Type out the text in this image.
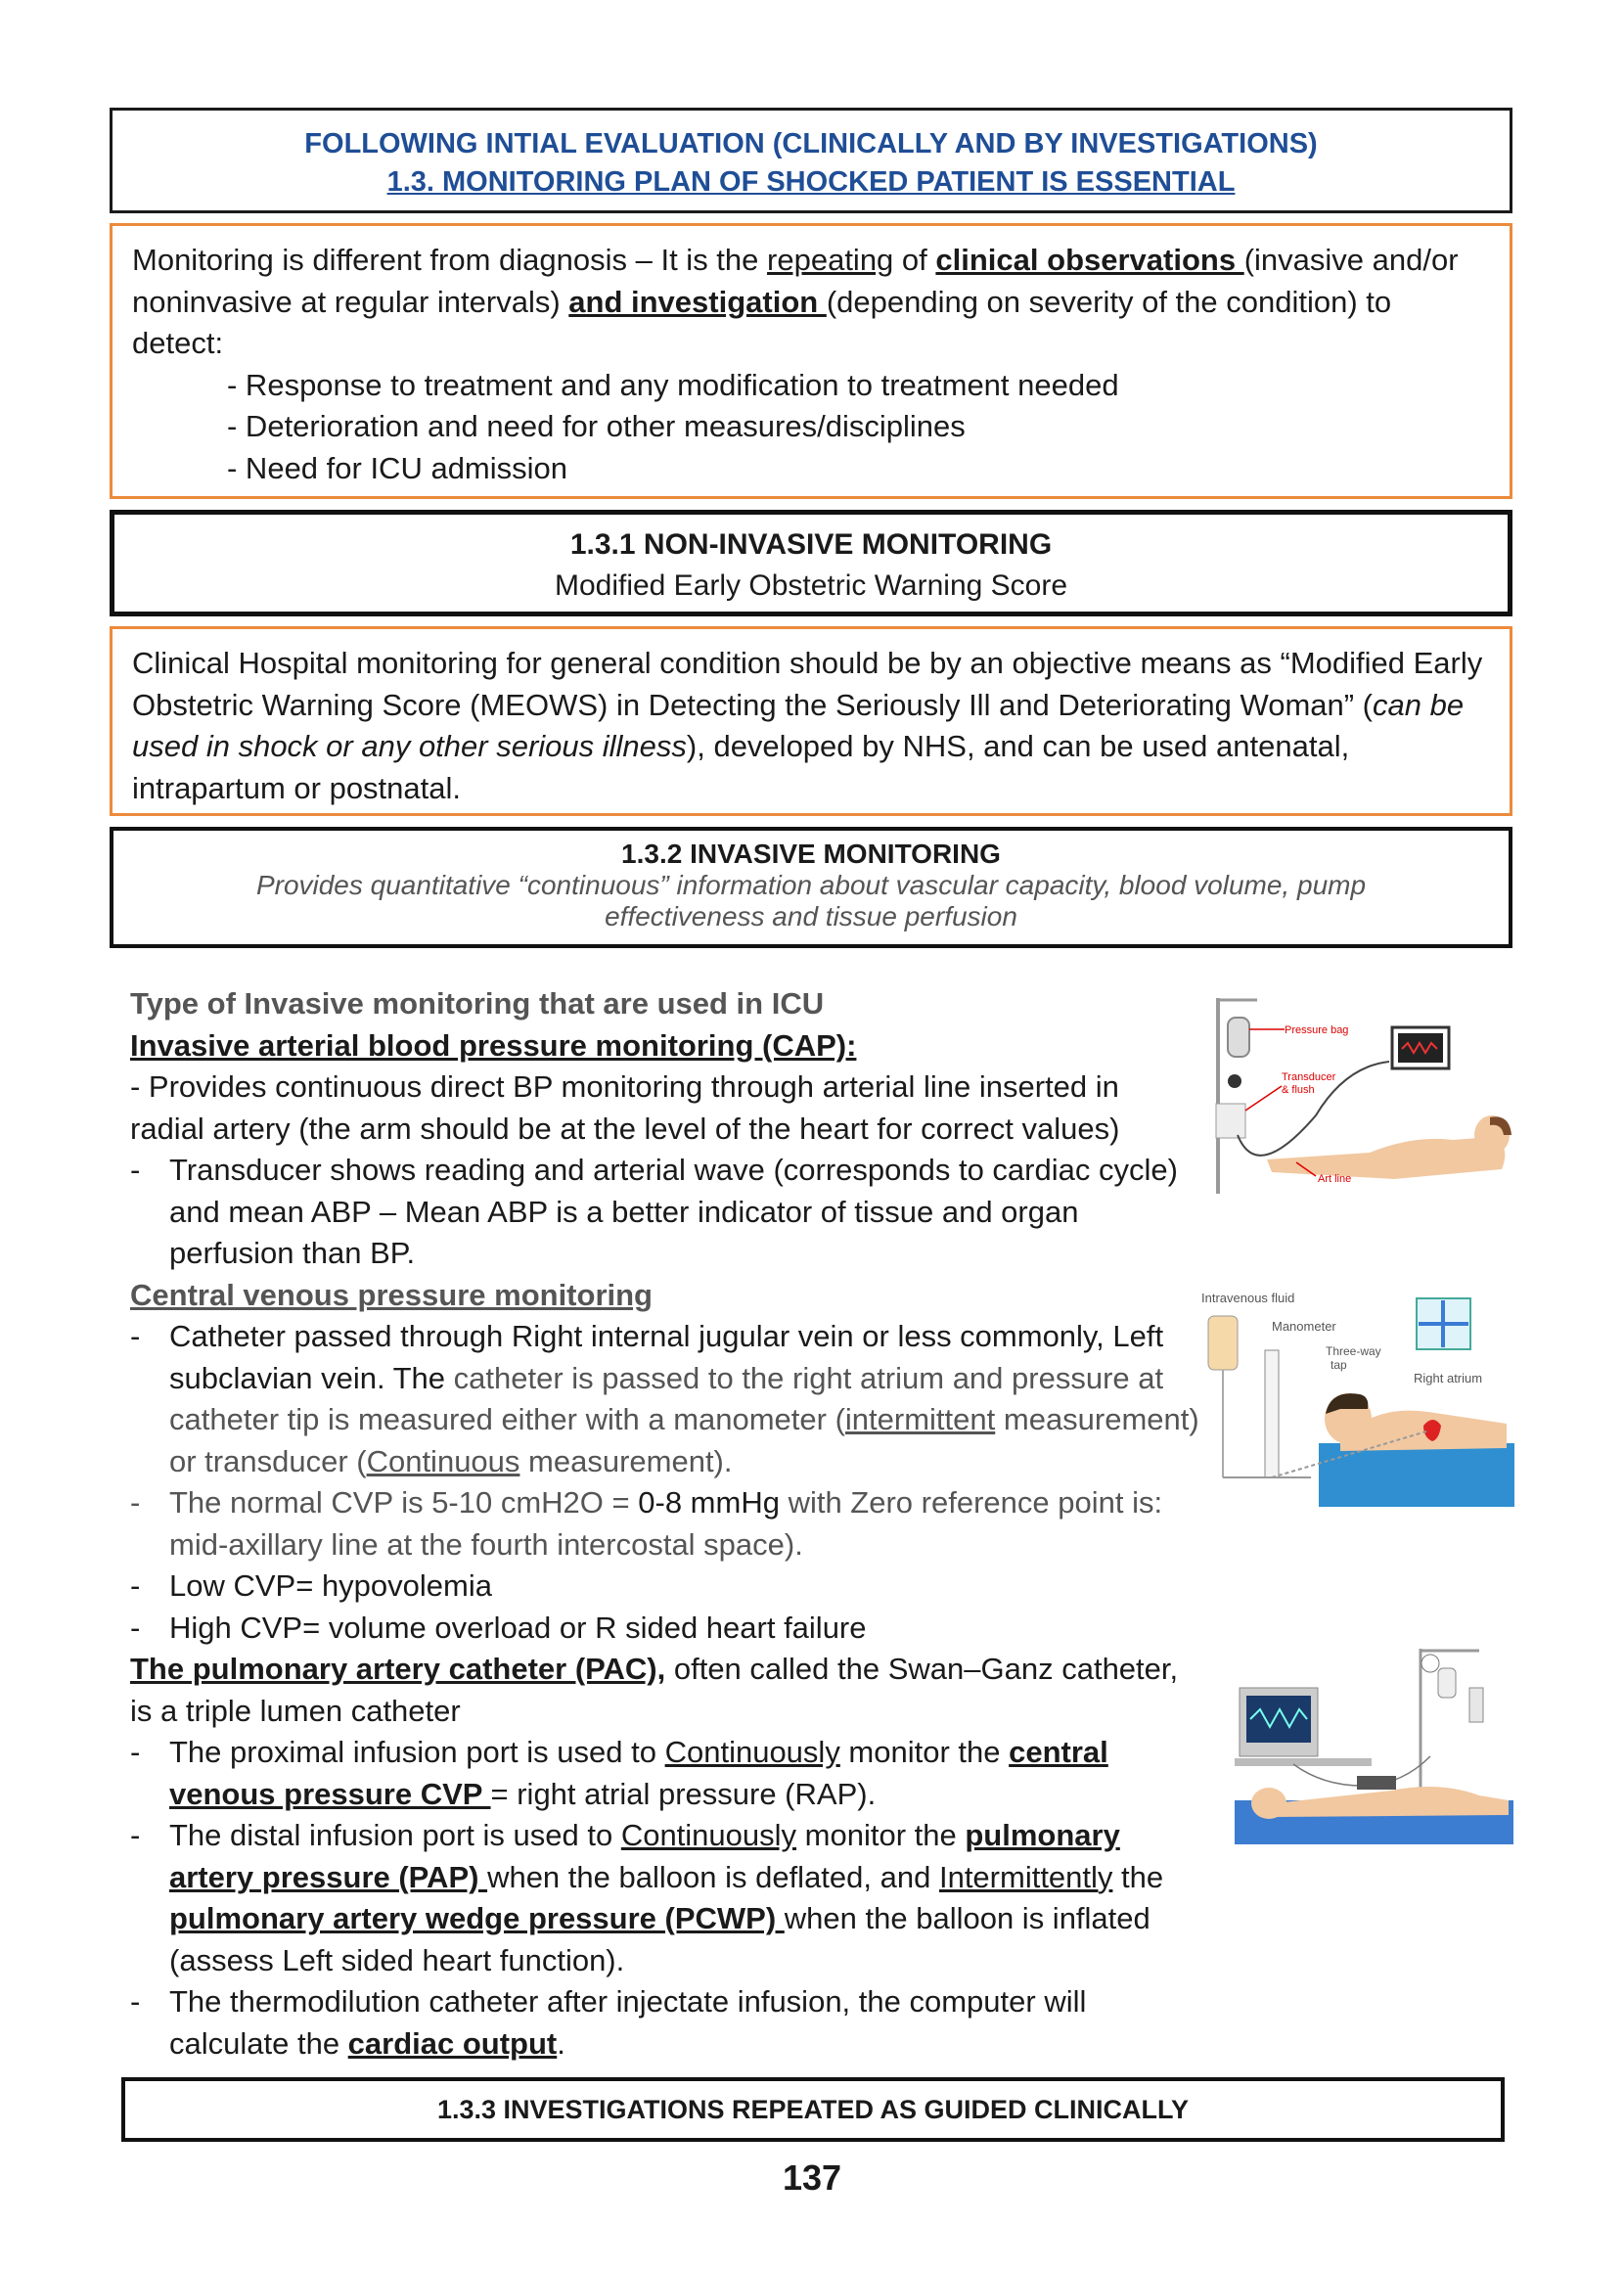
FOLLOWING INTIAL EVALUATION (CLINICALLY AND BY INVESTIGATIONS)
1.3. MONITORING PLAN OF SHOCKED PATIENT IS ESSENTIAL
Monitoring is different from diagnosis – It is the repeating of clinical observations (invasive and/or noninvasive at regular intervals) and investigation (depending on severity of the condition) to detect:
- Response to treatment and any modification to treatment needed
- Deterioration and need for other measures/disciplines
- Need for ICU admission
1.3.1 NON-INVASIVE MONITORING
Modified Early Obstetric Warning Score
Clinical Hospital monitoring for general condition should be by an objective means as “Modified Early Obstetric Warning Score (MEOWS) in Detecting the Seriously Ill and Deteriorating Woman” (can be used in shock or any other serious illness), developed by NHS, and can be used antenatal, intrapartum or postnatal.
1.3.2 INVASIVE MONITORING
Provides quantitative “continuous” information about vascular capacity, blood volume, pump effectiveness and tissue perfusion
Type of Invasive monitoring that are used in ICU
Invasive arterial blood pressure monitoring (CAP):
- Provides continuous direct BP monitoring through arterial line inserted in radial artery (the arm should be at the level of the heart for correct values)
- Transducer shows reading and arterial wave (corresponds to cardiac cycle) and mean ABP – Mean ABP is a better indicator of tissue and organ perfusion than BP.
Central venous pressure monitoring
- Catheter passed through Right internal jugular vein or less commonly, Left subclavian vein. The catheter is passed to the right atrium and pressure at catheter tip is measured either with a manometer (intermittent measurement) or transducer (Continuous measurement).
- The normal CVP is 5-10 cmH2O = 0-8 mmHg with Zero reference point is: mid-axillary line at the fourth intercostal space).
- Low CVP= hypovolemia
- High CVP= volume overload or R sided heart failure
The pulmonary artery catheter (PAC), often called the Swan–Ganz catheter, is a triple lumen catheter
- The proximal infusion port is used to Continuously monitor the central venous pressure CVP = right atrial pressure (RAP).
- The distal infusion port is used to Continuously monitor the pulmonary artery pressure (PAP) when the balloon is deflated, and Intermittently the pulmonary artery wedge pressure (PCWP) when the balloon is inflated (assess Left sided heart function).
- The thermodilution catheter after injectate infusion, the computer will calculate the cardiac output.
Pressure bag
Transducer
& flush
Art line
Intravenous fluid
Manometer
Three-way
tap
Right atrium
1.3.3 INVESTIGATIONS REPEATED AS GUIDED CLINICALLY
137
